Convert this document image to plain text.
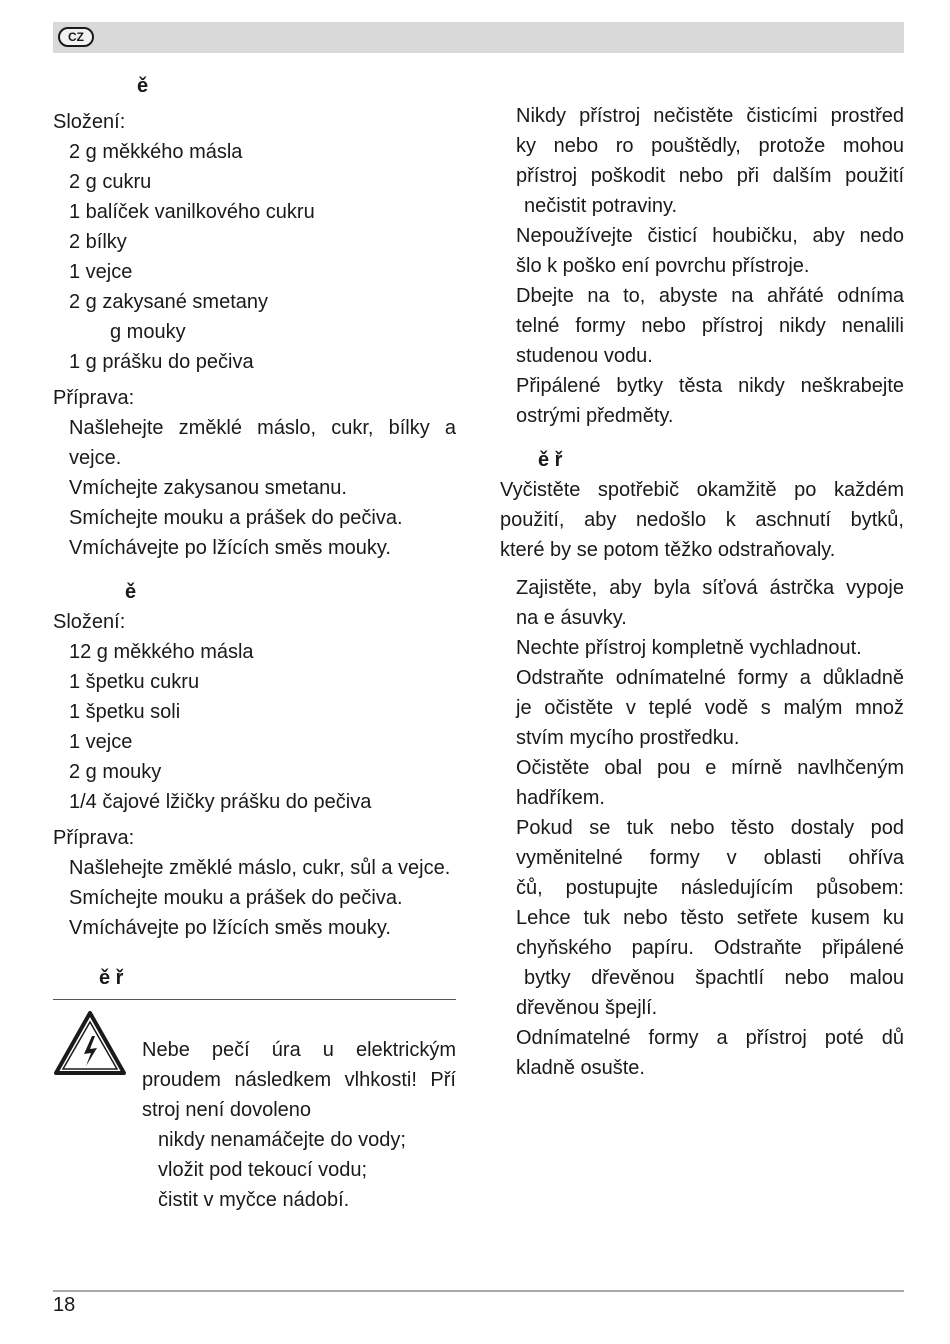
CZ
ě
Složení:
2 g měkkého másla
2 g cukru
1 balíček vanilkového cukru
2 bílky
1 vejce
2 g zakysané smetany
g mouky
1 g prášku do pečiva
Příprava:
Našlehejte změklé máslo, cukr, bílky a
vejce.
Vmíchejte zakysanou smetanu.
Smíchejte mouku a prášek do pečiva.
Vmíchávejte po lžících směs mouky.
ě
Složení:
12 g měkkého másla
1 špetku cukru
1 špetku soli
1 vejce
2 g mouky
1/4 čajové lžičky prášku do pečiva
Příprava:
Našlehejte změklé máslo, cukr, sůl a vejce.
Smíchejte mouku a prášek do pečiva.
Vmíchávejte po lžících směs mouky.
ě ř
Nebe pečí úra u elektrickým
proudem následkem vlhkosti! Pří
stroj není dovoleno
nikdy nenamáčejte do vody;
vložit pod tekoucí vodu;
čistit v myčce nádobí.
Nikdy přístroj nečistěte čisticími prostřed
ky nebo ro pouštědly, protože mohou
přístroj poškodit nebo při dalším použití
nečistit potraviny.
Nepoužívejte čisticí houbičku, aby nedo
šlo k poško ení povrchu přístroje.
Dbejte na to, abyste na ahřáté odníma
telné formy nebo přístroj nikdy nenalili
studenou vodu.
Připálené bytky těsta nikdy neškrabejte
ostrými předměty.
ě ř
Vyčistěte spotřebič okamžitě po každém
použití, aby nedošlo k aschnutí bytků,
které by se potom těžko odstraňovaly.
Zajistěte, aby byla síťová ástrčka vypoje
na e ásuvky.
Nechte přístroj kompletně vychladnout.
Odstraňte odnímatelné formy a důkladně
je očistěte v teplé vodě s malým množ
stvím mycího prostředku.
Očistěte obal pou e mírně navlhčeným
hadříkem.
Pokud se tuk nebo těsto dostaly pod
vyměnitelné formy v oblasti ohříva
čů, postupujte následujícím působem:
Lehce tuk nebo těsto setřete kusem ku
chyňského papíru. Odstraňte připálené
bytky dřevěnou špachtlí nebo malou
dřevěnou špejlí.
Odnímatelné formy a přístroj poté dů
kladně osušte.
18
